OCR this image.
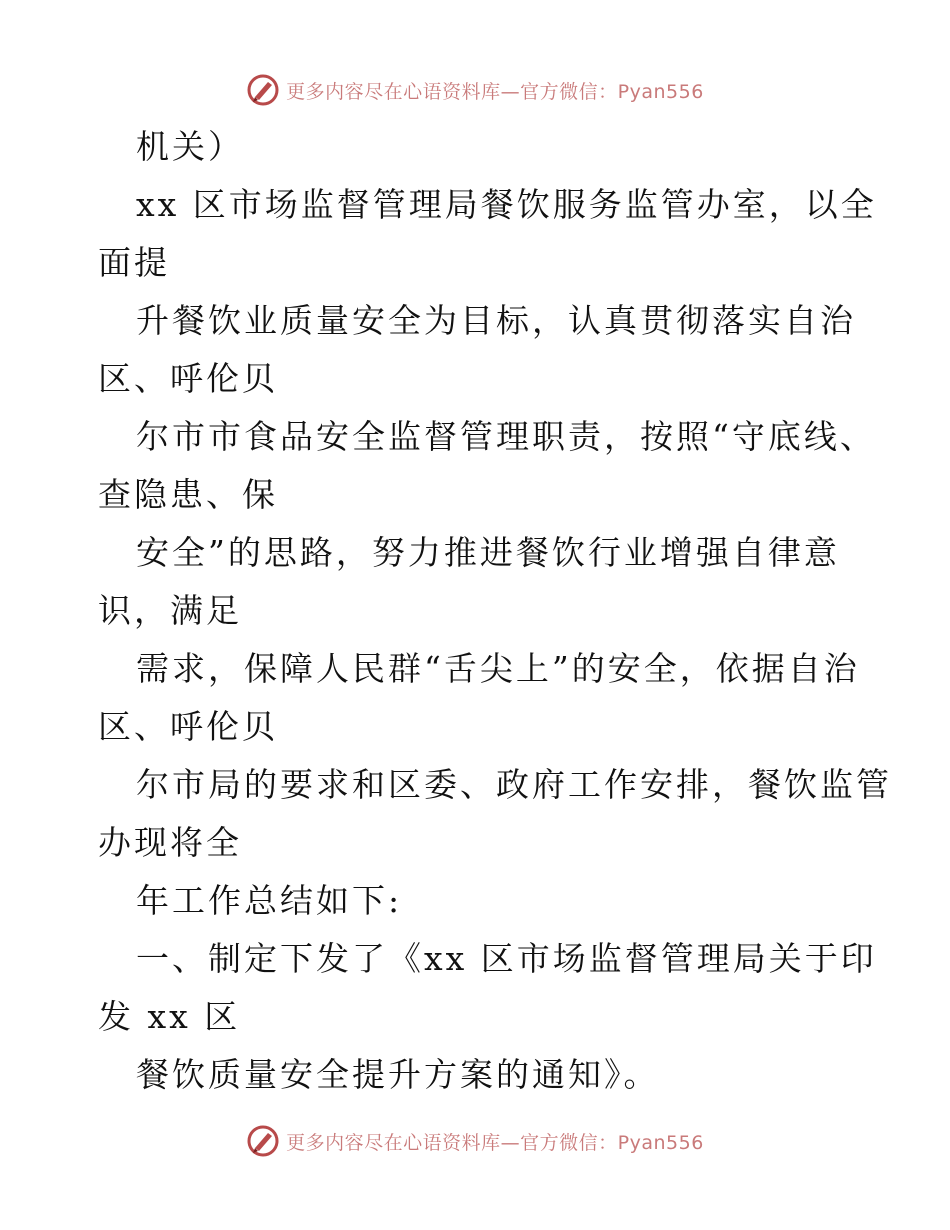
更多内容尽在心语资料库—官方微信：Pyan556
机关）
xx 区市场监督管理局餐饮服务监管办室，以全
面提
升餐饮业质量安全为目标，认真贯彻落实自治
区、呼伦贝
尔市市食品安全监督管理职责，按照“守底线、
查隐患、保
安全”的思路，努力推进餐饮行业增强自律意
识，满足
需求，保障人民群“舌尖上”的安全，依据自治
区、呼伦贝
尔市局的要求和区委、政府工作安排，餐饮监管
办现将全
年工作总结如下:
一、制定下发了《xx 区市场监督管理局关于印
发 xx 区
餐饮质量安全提升方案的通知》。
更多内容尽在心语资料库—官方微信：Pyan556
